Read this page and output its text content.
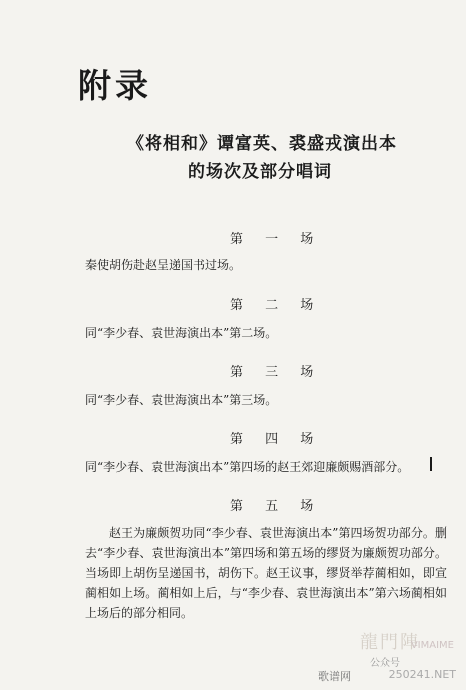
附录
《将相和》谭富英、裘盛戎演出本
的场次及部分唱词
第 一 场
秦使胡伤赴赵呈递国书过场。
第 二 场
同“李少春、袁世海演出本”第二场。
第 三 场
同“李少春、袁世海演出本”第三场。
第 四 场
同“李少春、袁世海演出本”第四场的赵王郊迎廉颇赐酒部分。
第 五 场
赵王为廉颇贺功同“李少春、袁世海演出本”第四场贺功部分。删去“李少春、袁世海演出本”第四场和第五场的缪贤为廉颇贺功部分。当场即上胡伤呈递国书，胡伤下。赵王议事，缪贤举荐蔺相如，即宣蔺相如上场。蔺相如上后，与“李少春、袁世海演出本”第六场蔺相如上场后的部分相同。
龍門陣
VIMAIME
公众号
歌谱网	250241.NET
